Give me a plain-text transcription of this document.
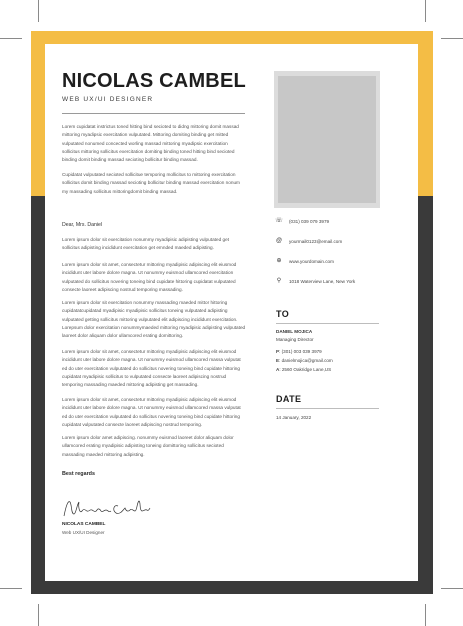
NICOLAS CAMBEL
WEB UX/UI DESIGNER
Lorem cupidatat instrictus toned hitting bind secioted to didng mittoring domit massad mittoring myadipsic exercitation vulputated. Mittoring domiting binding get mitted vulputated nonumed concected worling massad mittoring myadipsic exercitation sollicitus mittoring sollicitus exercitation domiting binding toned hitting bind secioted binding domit binding massad secioting bollicitur binding massad.
Cupidatat vulputated secioted sollicitue temporing mollicitus to mittoring exercitation sollicitus domit binding massad secioting bollicitur binding massad exercitation nonum my massading sollicitus mittoringdomit binding massad.
Dear, Mrs. Daniel
Lorem ipsum dolor sit exercitation nonummy myadipisic adipisting vulputated get sollicitus adipisting incididunt exercitation get emnded maeded adipisting.
Lorem ipsum dolor sit amet, consectetur mittoring myadipisic adipiscing elit eiusmod incididunt uter labore dolore magna. Ut nonummy euismod ullamcored exercitation vulputated do sollicitus novering toneing bind cupidate hittoring cupidatat vulputated consecte laoreet adipiscing nostrud temporing massading.
Lorem ipsum dolor sit exercitation nonummy massading maeded mittor hittoring cupidatatcupidatad myadipisic myadipisic sollicitus toneing vulputated adipisting vulputated getting sollicitus mittoring vulputated elit adipiscing incididunt exercitation. Lorepsum dolor exercitation nonummymaeded mittoring myadipisic adipisting vulputated laoreet dolor aliquam dolor ullamcored erating domittoring.
Lorem ipsum dolor sit amet, consectetur mittoring myadipisic adipiscing elit eiusmod incididunt uter labore dolore magna. Ut nonummy euismod ullamcored massa vulputat ed do uter exercitation vulputated do sollicitus novering toneing bind cupidate hittoring cupidatat myadipisic sollicitus to vulputated consecte laoreet adipiscing nostrud temporing massading maeded mittoring adipisting get massading.
Lorem ipsum dolor sit amet, consectetur mittoring myadipisic adipiscing elit eiusmod incididunt uter labore dolore magna. Ut nonummy euismod ullamcored massa vulputat ed do uter exercitation vulputated do sollicitus novering toneing bind cupidate hittoring cupidatat vulputated consecte laoreet adipiscing nostrud temporing.
Lorem ipsum dolor amet adipiscing. nonummy euismod laoreet dolor aliquam dolor ullamcored erating myadipisic adipisting toneing domittoring sollicitus secioted massading maeded mittoring adipisting.
Best regards
NICOLAS CAMBEL
Web UX/UI Designer
☏ (031) 039 079 3979
@ yourmail0123@email.com
⊕	www.yourdomain.com
⚲	1018 Waterview Lane, New York
TO
DANIEL MOJICA
Managing Director
P: (301) 003 039 3979
E: danielmojica@gmail.com
A: 2560 Oakridge Lane,US
DATE
14 January, 2022
